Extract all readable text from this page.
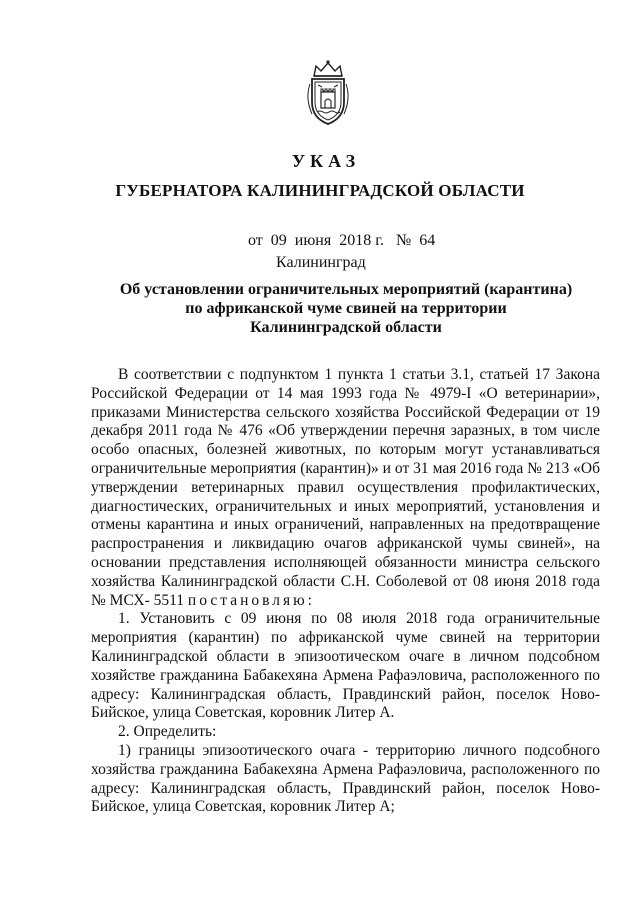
УКАЗ
ГУБЕРНАТОРА КАЛИНИНГРАДСКОЙ ОБЛАСТИ
от  09  июня  2018 г.   №  64
Калининград
Об установлении ограничительных мероприятий (карантина)
по африканской чуме свиней на территории
Калининградской области

В соответствии с подпунктом 1 пункта 1 статьи 3.1, статьей 17 Закона Российской Федерации от 14 мая 1993 года № 4979-I «О ветеринарии», приказами Министерства сельского хозяйства Российской Федерации от 19 декабря 2011 года № 476 «Об утверждении перечня заразных, в том числе особо опасных, болезней животных, по которым могут устанавливаться ограничительные мероприятия (карантин)» и от 31 мая 2016 года № 213 «Об утверждении ветеринарных правил осуществления профилактических, диагностических, ограничительных и иных мероприятий, установления и отмены карантина и иных ограничений, направленных на предотвращение распространения и ликвидацию очагов африканской чумы свиней», на основании представления исполняющей обязанности министра сельского хозяйства Калининградской области С.Н. Соболевой от 08 июня 2018 года № МСХ- 5511 постановляю:

1. Установить с 09 июня по 08 июля 2018 года ограничительные мероприятия (карантин) по африканской чуме свиней на территории Калининградской области в эпизоотическом очаге в личном подсобном хозяйстве гражданина Бабакехяна Армена Рафаэловича, расположенного по адресу: Калининградская область, Правдинский район, поселок Ново-Бийское, улица Советская, коровник Литер А.

2. Определить:

1) границы эпизоотического очага - территорию личного подсобного хозяйства гражданина Бабакехяна Армена Рафаэловича, расположенного по адресу: Калининградская область, Правдинский район, поселок Ново-Бийское, улица Советская, коровник Литер А;
